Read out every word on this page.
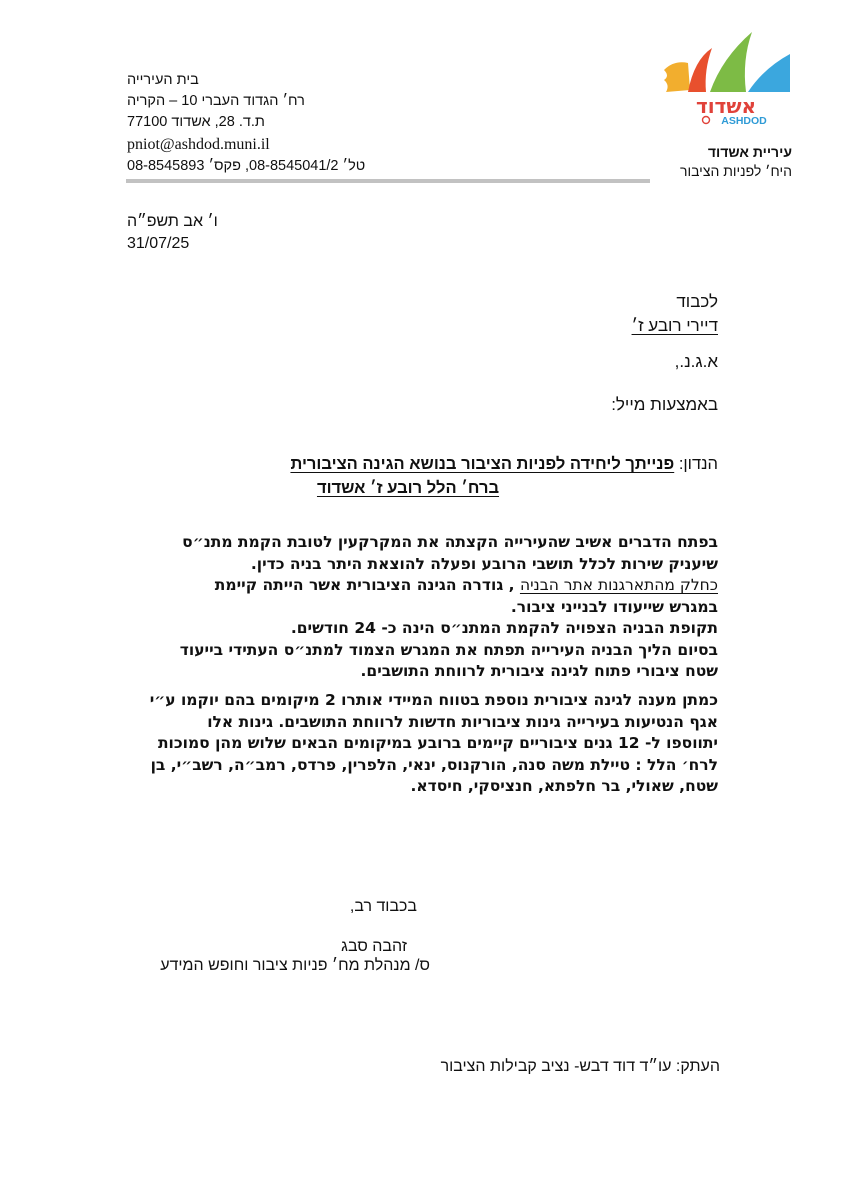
בית העירייה
רח׳ הגדוד העברי 10 – הקריה
ת.ד. 28, אשדוד 77100
pniot@ashdod.muni.il
טל׳ 08-8545041/2, פקס׳ 08-8545893
אשדוד
ASHDOD
עיריית אשדוד
היח׳ לפניות הציבור
ו׳ אב תשפ״ה
31/07/25
לכבוד
דיירי רובע ז׳
א.ג.נ.,
באמצעות מייל:
הנדון: פנייתך ליחידה לפניות הציבור בנושא הגינה הציבורית
ברח׳ הלל רובע ז׳ אשדוד
בפתח הדברים אשיב שהעירייה הקצתה את המקרקעין לטובת הקמת מתנ״ס
שיעניק שירות לכלל תושבי הרובע ופעלה להוצאת היתר בניה כדין.
כחלק מהתארגנות אתר הבניה , גודרה הגינה הציבורית אשר הייתה קיימת
במגרש שייעודו לבנייני ציבור.
תקופת הבניה הצפויה להקמת המתנ״ס הינה כ- 24 חודשים.
בסיום הליך הבניה העירייה תפתח את המגרש הצמוד למתנ״ס העתידי בייעוד
שטח ציבורי פתוח לגינה ציבורית לרווחת התושבים.
כמתן מענה לגינה ציבורית נוספת בטווח המיידי אותרו 2 מיקומים בהם יוקמו ע״י
אגף הנטיעות בעירייה גינות ציבוריות חדשות לרווחת התושבים. גינות אלו
יתווספו ל- 12 גנים ציבוריים קיימים ברובע במיקומים הבאים שלוש מהן סמוכות
לרח׳ הלל : טיילת משה סנה, הורקנוס, ינאי, הלפרין, פרדס, רמב״ה, רשב״י, בן
שטח, שאולי, בר חלפתא, חנציסקי, חיסדא.
בכבוד רב,
זהבה סבג
ס/ מנהלת מח׳ פניות ציבור וחופש המידע
העתק: עו״ד דוד דבש- נציב קבילות הציבור
